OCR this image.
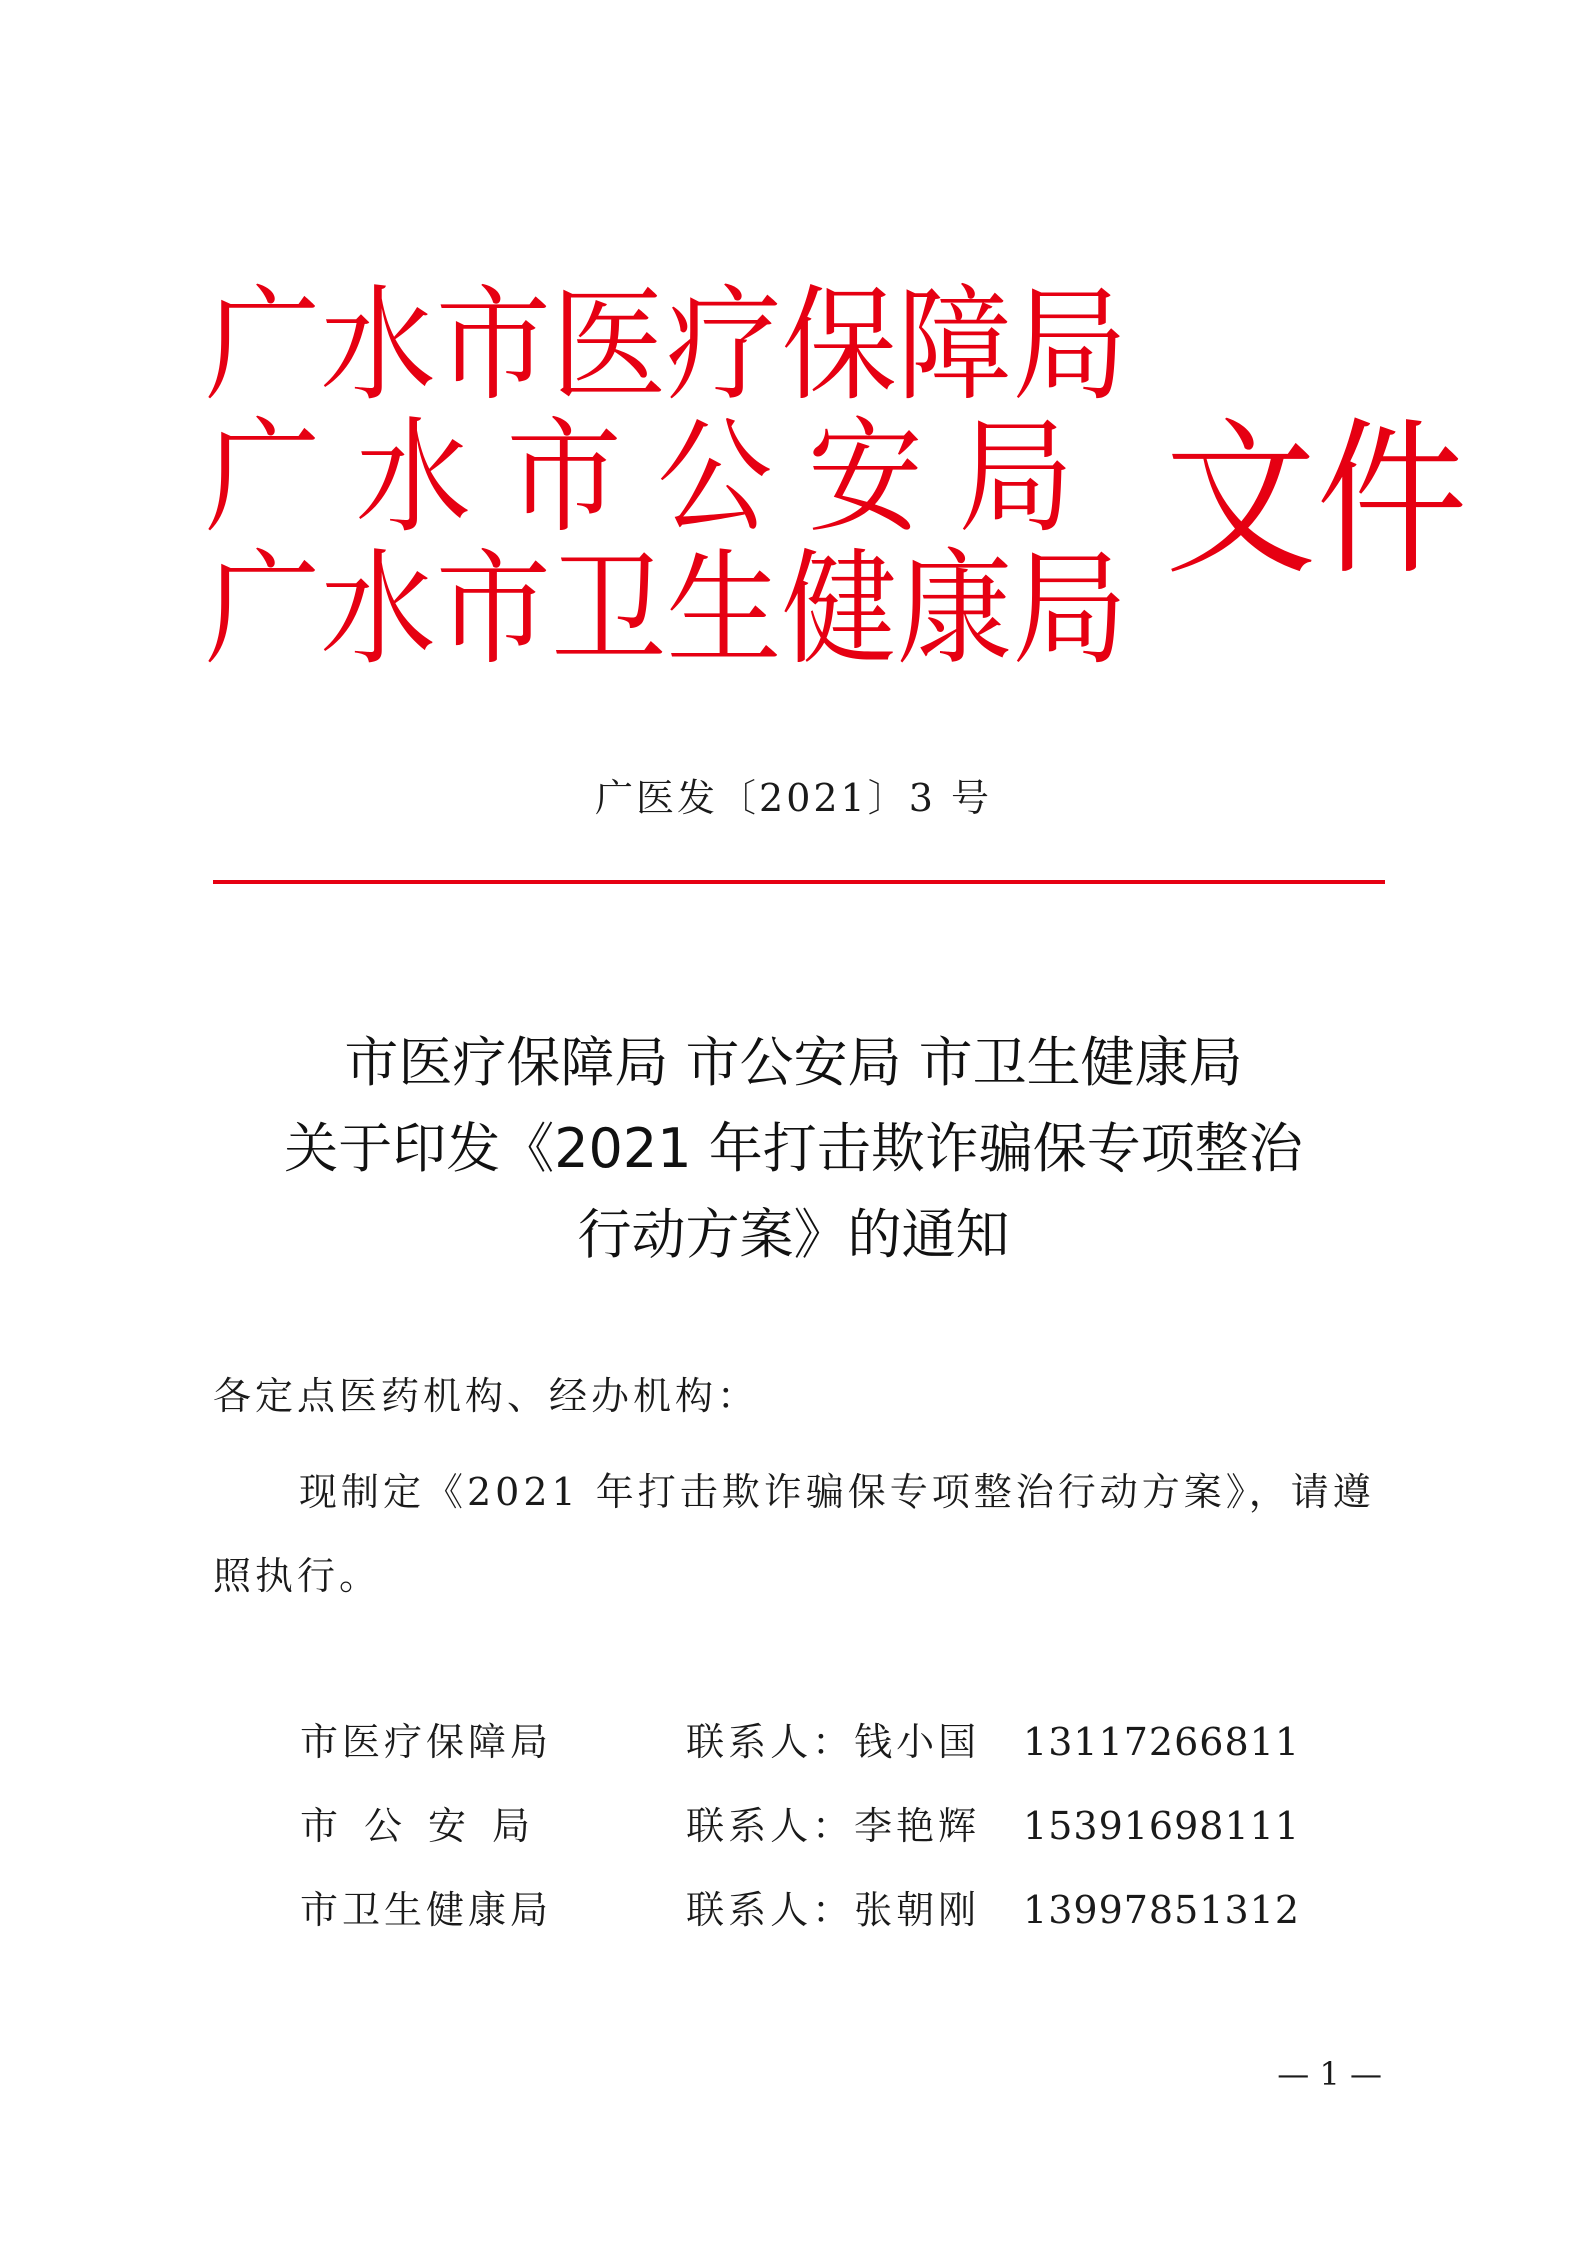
广水市医疗保障局
广水市公安局
广水市卫生健康局
文件
广医发〔2021〕3 号
市医疗保障局 市公安局 市卫生健康局
关于印发《2021 年打击欺诈骗保专项整治
行动方案》的通知
各定点医药机构、经办机构：
现制定《2021 年打击欺诈骗保专项整治行动方案》，请遵照执行。
市医疗保障局	联系人： 钱小国	13117266811
市公安局	联系人： 李艳辉	15391698111
市卫生健康局	联系人： 张朝刚	13997851312
— 1 —
